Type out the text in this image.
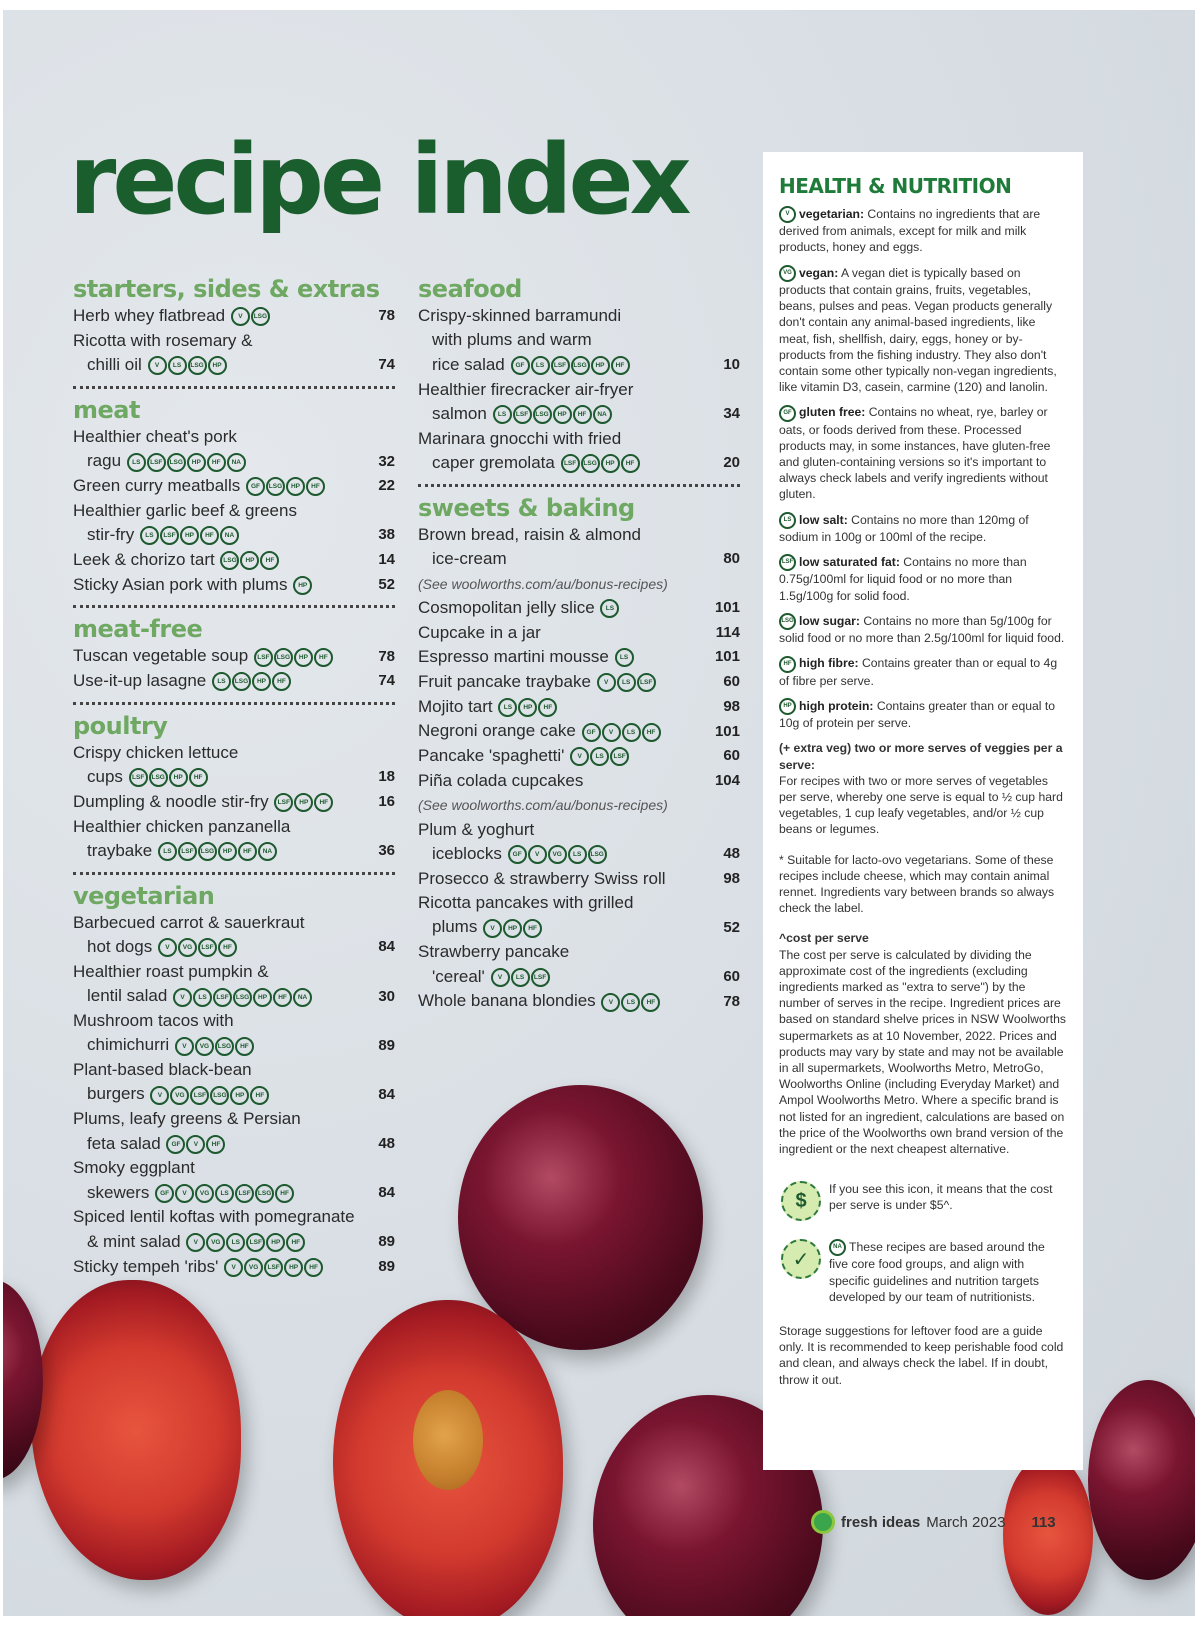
recipe index
starters, sides & extras
Herb whey flatbread V LSG	78
Ricotta with rosemary &
chilli oil V LS LSG HP	74
meat
Healthier cheat's pork
ragu LS LSF LSG HP HF NA	32
Green curry meatballs GF LSG HP HF	22
Healthier garlic beef & greens
stir-fry LS LSF HP HF NA	38
Leek & chorizo tart LSG HP HF	14
Sticky Asian pork with plums HP	52
meat-free
Tuscan vegetable soup LSF LSG HP HF	78
Use-it-up lasagne LS LSG HP HF	74
poultry
Crispy chicken lettuce
cups LSF LSG HP HF	18
Dumpling & noodle stir-fry LSF HP HF	16
Healthier chicken panzanella
traybake LS LSF LSG HP HF NA	36
vegetarian
Barbecued carrot & sauerkraut
hot dogs V VG LSF HF	84
Healthier roast pumpkin &
lentil salad V LS LSF LSG HP HF NA	30
Mushroom tacos with
chimichurri V VG LSG HF	89
Plant-based black-bean
burgers V VG LSF LSG HP HF	84
Plums, leafy greens & Persian
feta salad GF V HF	48
Smoky eggplant
skewers GF V VG LS LSF LSG HF	84
Spiced lentil koftas with pomegranate
& mint salad V VG LS LSF HP HF	89
Sticky tempeh 'ribs' V VG LSF HP HF	89
seafood
Crispy-skinned barramundi
with plums and warm
rice salad GF LS LSF LSG HP HF	10
Healthier firecracker air-fryer
salmon LS LSF LSG HP HF NA	34
Marinara gnocchi with fried
caper gremolata LSF LSG HP HF	20
sweets & baking
Brown bread, raisin & almond
ice-cream	80
(See woolworths.com/au/bonus-recipes)
Cosmopolitan jelly slice LS	101
Cupcake in a jar	114
Espresso martini mousse LS	101
Fruit pancake traybake V LS LSF	60
Mojito tart LS HP HF	98
Negroni orange cake GF V LS HF	101
Pancake 'spaghetti' V LS LSF	60
Piña colada cupcakes	104
(See woolworths.com/au/bonus-recipes)
Plum & yoghurt
iceblocks GF V VG LS LSG	48
Prosecco & strawberry Swiss roll	98
Ricotta pancakes with grilled
plums V HP HF	52
Strawberry pancake
'cereal' V LS LSF	60
Whole banana blondies V LS HF	78
HEALTH & NUTRITION
V vegetarian: Contains no ingredients that are derived from animals, except for milk and milk products, honey and eggs.
VG vegan: A vegan diet is typically based on products that contain grains, fruits, vegetables, beans, pulses and peas. Vegan products generally don't contain any animal-based ingredients, like meat, fish, shellfish, dairy, eggs, honey or by-products from the fishing industry. They also don't contain some other typically non-vegan ingredients, like vitamin D3, casein, carmine (120) and lanolin.
GF gluten free: Contains no wheat, rye, barley or oats, or foods derived from these. Processed products may, in some instances, have gluten-free and gluten-containing versions so it's important to always check labels and verify ingredients without gluten.
LS low salt: Contains no more than 120mg of sodium in 100g or 100ml of the recipe.
LSF low saturated fat: Contains no more than 0.75g/100ml for liquid food or no more than 1.5g/100g for solid food.
LSG low sugar: Contains no more than 5g/100g for solid food or no more than 2.5g/100ml for liquid food.
HF high fibre: Contains greater than or equal to 4g of fibre per serve.
HP high protein: Contains greater than or equal to 10g of protein per serve.

(+ extra veg) two or more serves of veggies per a serve:
For recipes with two or more serves of vegetables per serve, whereby one serve is equal to ½ cup hard vegetables, 1 cup leafy vegetables, and/or ½ cup beans or legumes.

* Suitable for lacto-ovo vegetarians. Some of these recipes include cheese, which may contain animal rennet. Ingredients vary between brands so always check the label.

^cost per serve
The cost per serve is calculated by dividing the approximate cost of the ingredients (excluding ingredients marked as "extra to serve") by the number of serves in the recipe. Ingredient prices are based on standard shelve prices in NSW Woolworths supermarkets as at 10 November, 2022. Prices and products may vary by state and may not be available in all supermarkets, Woolworths Metro, MetroGo, Woolworths Online (including Everyday Market) and Ampol Woolworths Metro. Where a specific brand is not listed for an ingredient, calculations are based on the price of the Woolworths own brand version of the ingredient or the next cheapest alternative.

$

If you see this icon, it means that the cost per serve is under $5^.

✓

NA These recipes are based around the five core food groups, and align with specific guidelines and nutrition targets developed by our team of nutritionists.

Storage suggestions for leftover food are a guide only. It is recommended to keep perishable food cold and clean, and always check the label. If in doubt, throw it out.

fresh ideas March 2023 113
